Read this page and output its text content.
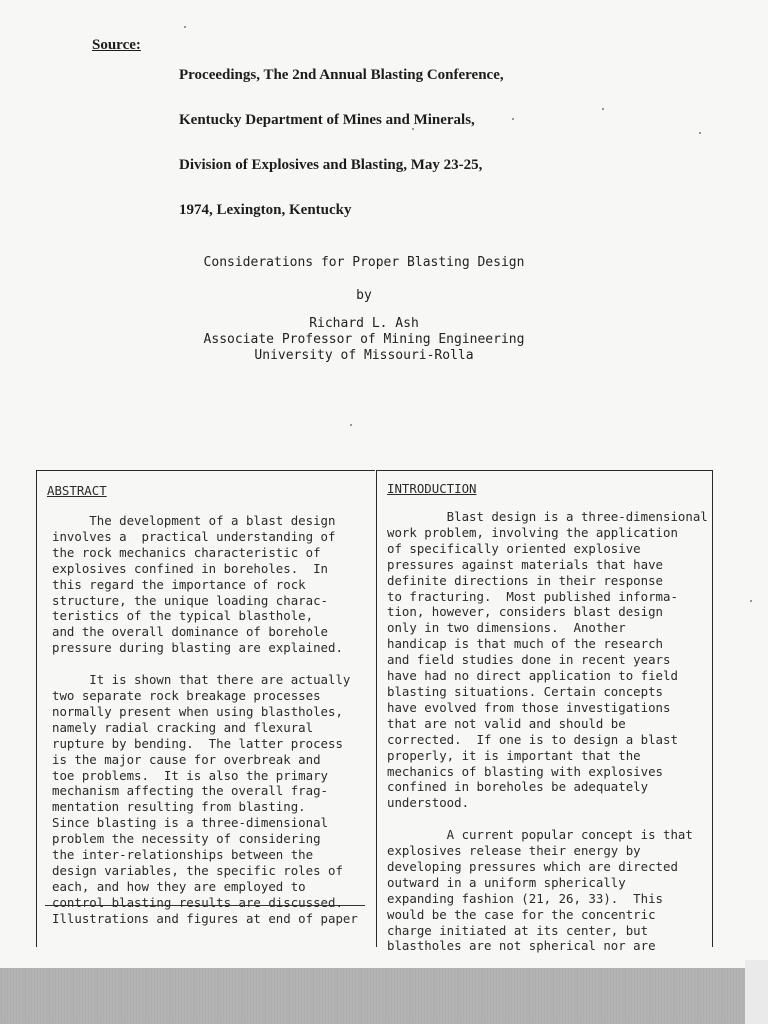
Source:

Proceedings, The 2nd Annual Blasting Conference,

Kentucky Department of Mines and Minerals,

Division of Explosives and Blasting, May 23-25,

1974, Lexington, Kentucky

Considerations for Proper Blasting Design
by
Richard L. Ash
Associate Professor of Mining Engineering
University of Missouri-Rolla
ABSTRACT
The development of a blast design
involves a  practical understanding of
the rock mechanics characteristic of
explosives confined in boreholes.  In
this regard the importance of rock
structure, the unique loading charac-
teristics of the typical blasthole,
and the overall dominance of borehole
pressure during blasting are explained.

It is shown that there are actually
two separate rock breakage processes
normally present when using blastholes,
namely radial cracking and flexural
rupture by bending.  The latter process
is the major cause for overbreak and
toe problems.  It is also the primary
mechanism affecting the overall frag-
mentation resulting from blasting.
Since blasting is a three-dimensional
problem the necessity of considering
the inter-relationships between the
design variables, the specific roles of
each, and how they are employed to
control blasting results are discussed.
Illustrations and figures at end of paper
INTRODUCTION
Blast design is a three-dimensional
work problem, involving the application
of specifically oriented explosive
pressures against materials that have
definite directions in their response
to fracturing.  Most published informa-
tion, however, considers blast design
only in two dimensions.  Another
handicap is that much of the research
and field studies done in recent years
have had no direct application to field
blasting situations. Certain concepts
have evolved from those investigations
that are not valid and should be
corrected.  If one is to design a blast
properly, it is important that the
mechanics of blasting with explosives
confined in boreholes be adequately
understood.

A current popular concept is that
explosives release their energy by
developing pressures which are directed
outward in a uniform spherically
expanding fashion (21, 26, 33).  This
would be the case for the concentric
charge initiated at its center, but
blastholes are not spherical nor are
